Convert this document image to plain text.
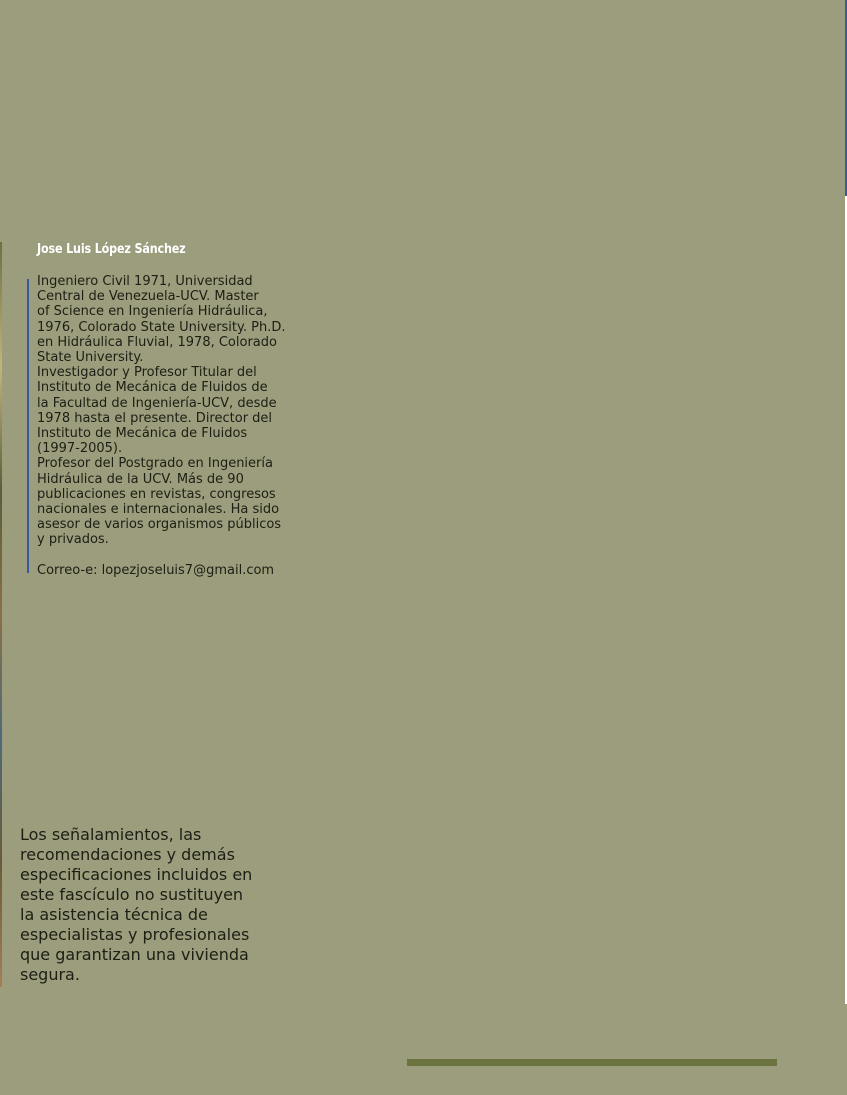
Jose Luis López Sánchez

Ingeniero Civil 1971, Universidad
Central de Venezuela-UCV. Master
of Science en Ingeniería Hidráulica,
1976, Colorado State University. Ph.D.
en Hidráulica Fluvial, 1978, Colorado
State University.

Investigador y Profesor Titular del
Instituto de Mecánica de Fluidos de
la Facultad de Ingeniería-UCV, desde
1978 hasta el presente. Director del
Instituto de Mecánica de Fluidos
(1997-2005).

Profesor del Postgrado en Ingeniería
Hidráulica de la UCV. Más de 90
publicaciones en revistas, congresos
nacionales e internacionales. Ha sido
asesor de varios organismos públicos
y privados.

Correo-e: lopezjoseluis7@gmail.com

Los señalamientos, las
recomendaciones y demás
especificaciones incluidos en
este fascículo no sustituyen
la asistencia técnica de
especialistas y profesionales
que garantizan una vivienda
segura.
